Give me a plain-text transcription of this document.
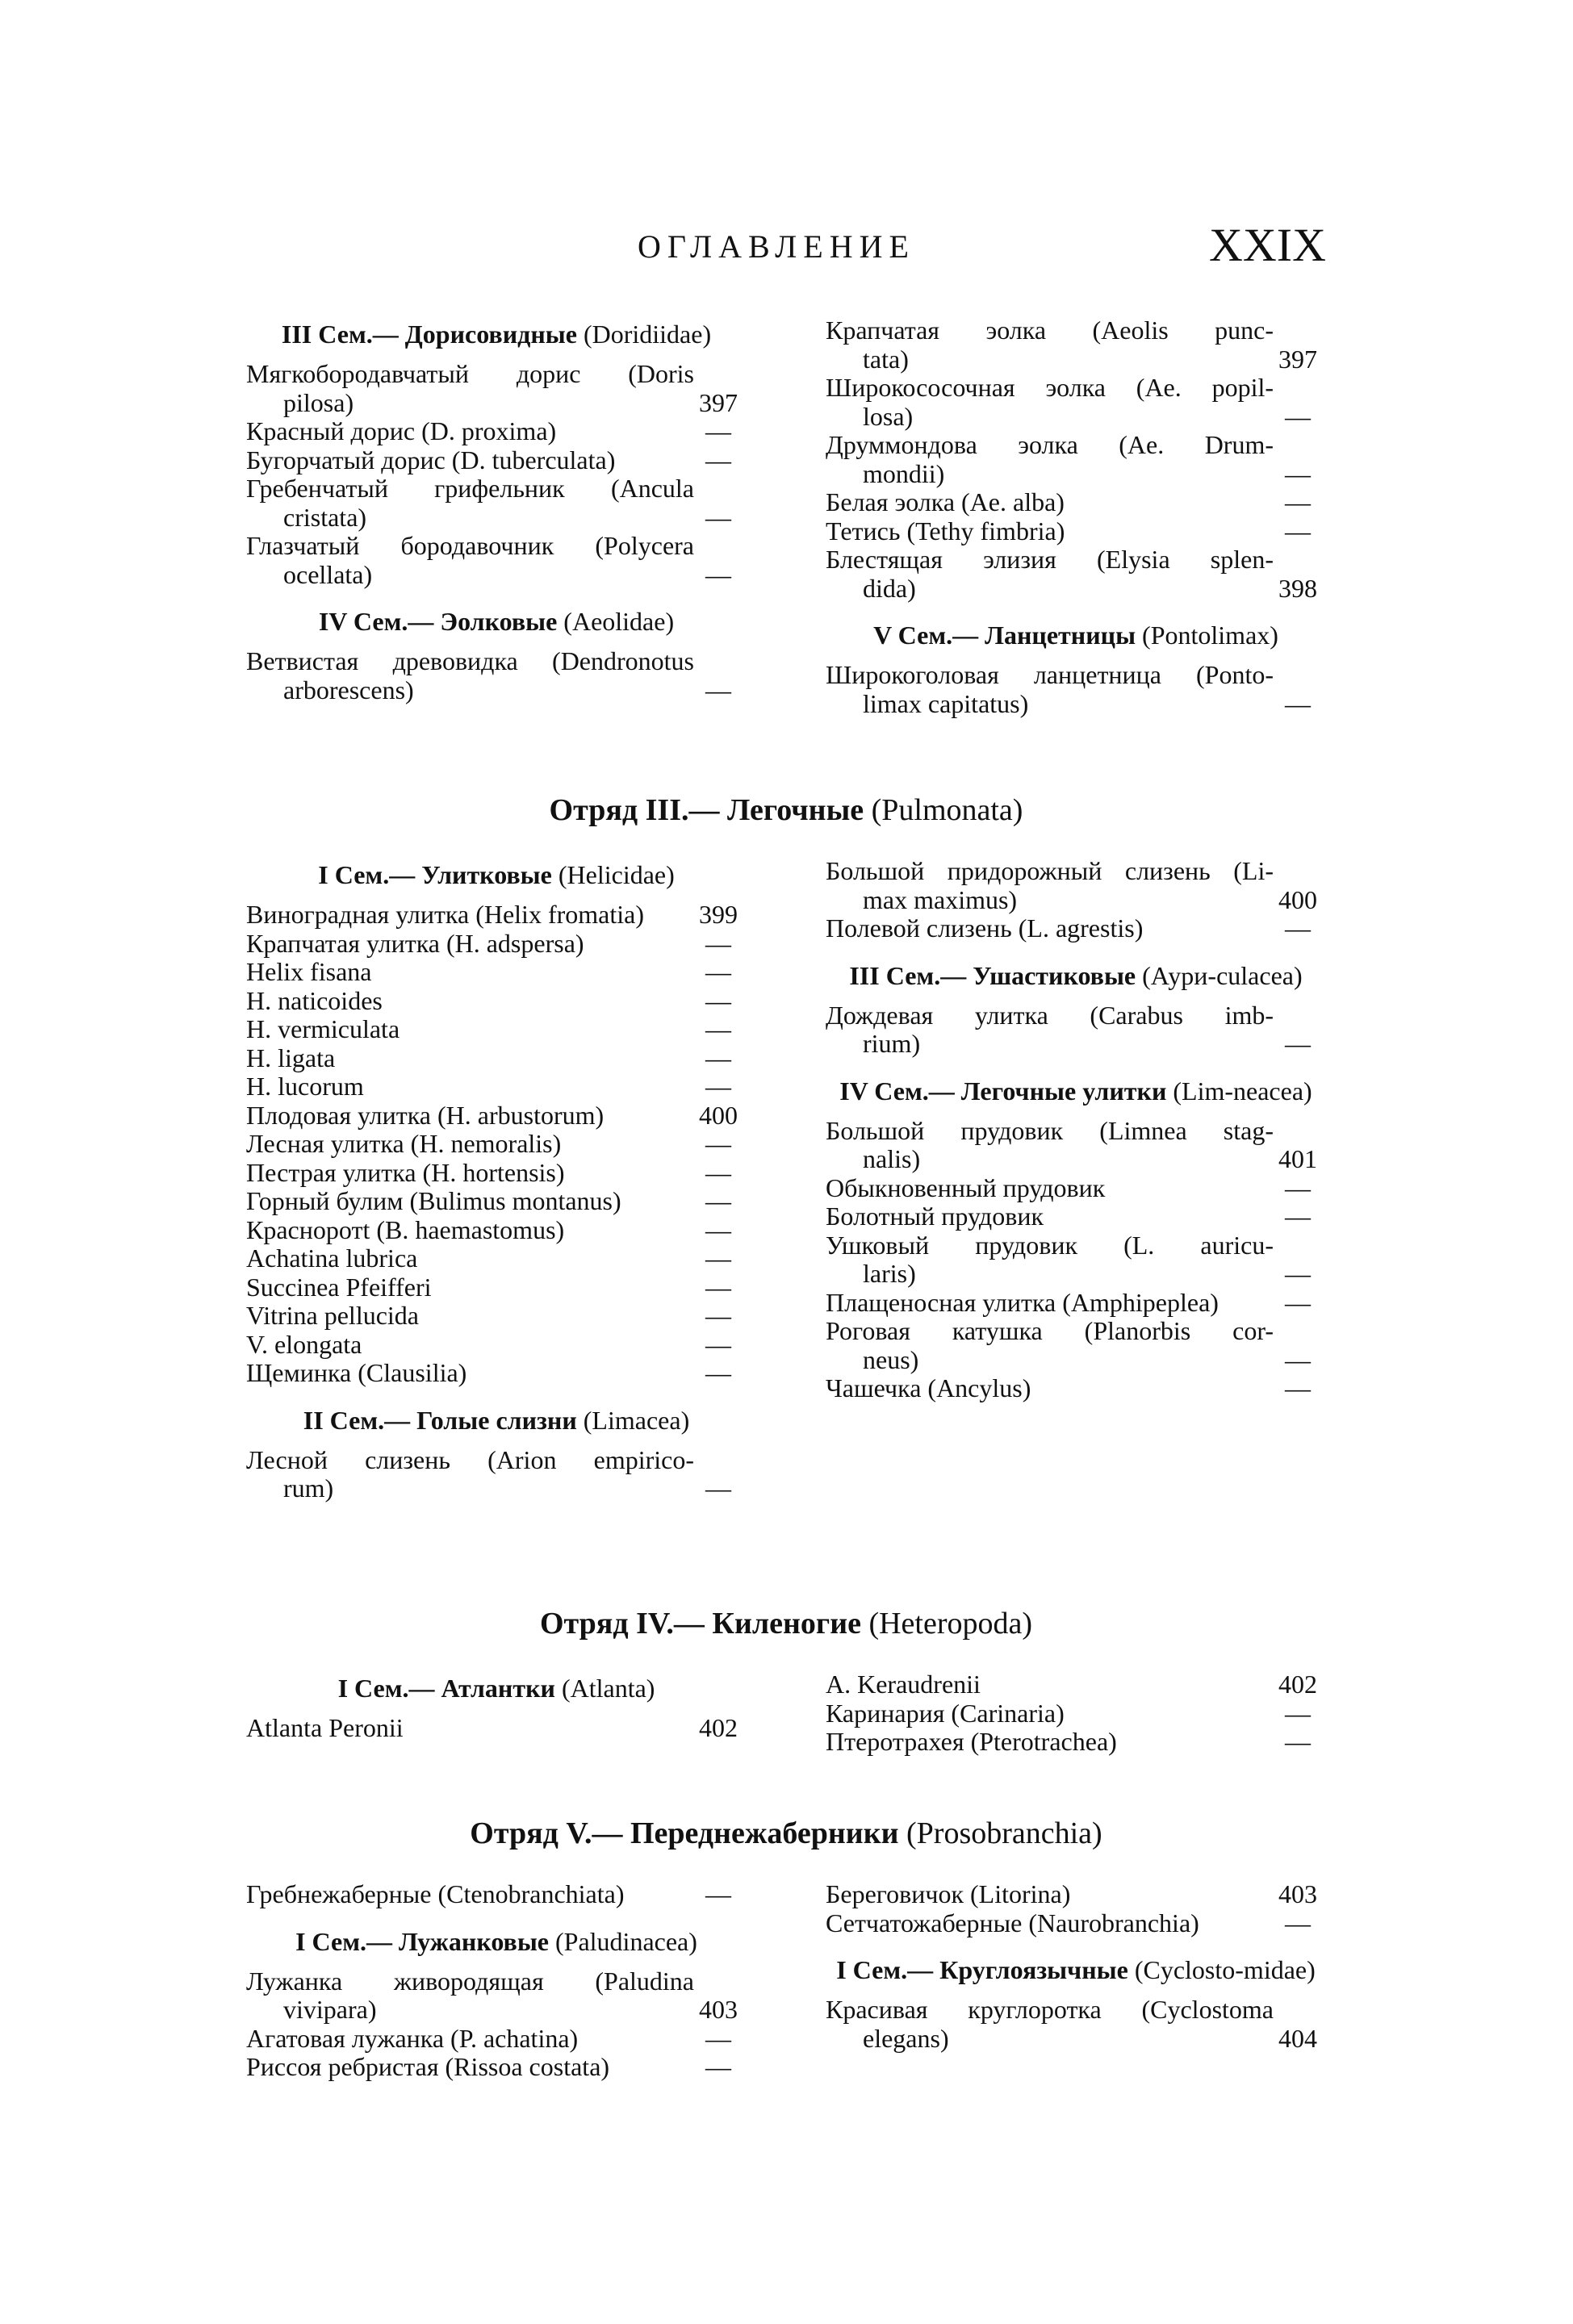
ОГЛАВЛЕНИЕ	XXIX
III Сем.— Дорисовидные (Doridiidae)
Мягкобородавчатый дорис (Doris
pilosa)	397
Красный дорис (D. proxima)	—
Бугорчатый дорис (D. tuberculata)	—
Гребенчатый грифельник (Ancula
cristata)	—
Глазчатый бородавочник (Polycera
ocellata)	—
IV Сем.— Эолковые (Aeolidae)
Ветвистая древовидка (Dendronotus
arborescens)	—
Крапчатая эолка (Aeolis punc-
tata)	397
Широкососочная эолка (Ae. popil-
losa)	—
Друммондова эолка (Ae. Drum-
mondii)	—
Белая эолка (Ae. alba)	—
Тетись (Tethy fimbria)	—
Блестящая элизия (Elysia splen-
dida)	398
V Сем.— Ланцетницы (Pontolimax)
Широкоголовая ланцетница (Ponto-
limax capitatus)	—
Отряд III.— Легочные (Pulmonata)
I Сем.— Улитковые (Helicidae)
Виноградная улитка (Helix fromatia)	399
Крапчатая улитка (H. adspersa)	—
Helix fisana	—
H. naticoides	—
H. vermiculata	—
H. ligata	—
H. lucorum	—
Плодовая улитка (H. arbustorum)	400
Лесная улитка (H. nemoralis)	—
Пестрая улитка (H. hortensis)	—
Горный булим (Bulimus montanus)	—
Красноротt (B. haemastomus)	—
Achatina lubrica	—
Succinea Pfeifferi	—
Vitrina pellucida	—
V. elongata	—
Щеминка (Clausilia)	—
II Сем.— Голые слизни (Limacea)
Лесной слизень (Arion empirico-
rum)	—
Большой придорожный слизень (Li-
max maximus)	400
Полевой слизень (L. agrestis)	—
III Сем.— Ушастиковые (Аури-culacea)
Дождевая улитка (Carabus imb-
rium)	—
IV Сем.— Легочные улитки (Lim-neacea)
Большой прудовик (Limnea stag-
nalis)	401
Обыкновенный прудовик	—
Болотный прудовик	—
Ушковый прудовик (L. auricu-
laris)	—
Плащеносная улитка (Amphipeplea)	—
Роговая катушка (Planorbis cor-
neus)	—
Чашечка (Ancylus)	—
Отряд IV.— Киленогие (Heteropoda)
I Сем.— Атлантки (Atlanta)
Atlanta Peronii	402
A. Keraudrenii	402
Каринария (Carinaria)	—
Птеротрахея (Pterotrachea)	—
Отряд V.— Переднежаберники (Prosobranchia)
Гребнежаберные (Ctenobranchiata)	—
I Сем.— Лужанковые (Paludinacea)
Лужанка живородящая (Paludina
vivipara)	403
Агатовая лужанка (P. achatina)	—
Риссоя ребристая (Rissoa costata)	—
Береговичок (Litorina)	403
Сетчатожаберные (Naurobranchia)	—
I Сем.— Круглоязычные (Cyclosto-midae)
Красивая круглоротка (Cyclostoma
elegans)	404
